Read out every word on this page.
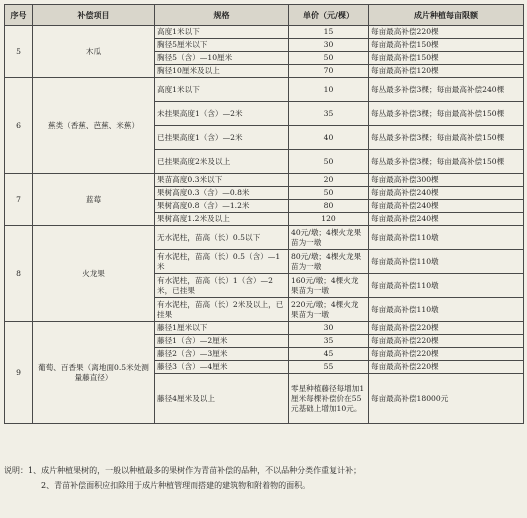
序号	补偿项目	规格	单价（元/棵）	成片种植每亩限额
5	木瓜	高度1米以下	15	每亩最高补偿220棵
		胸径5厘米以下	30	每亩最高补偿150棵
		胸径5（含）—10厘米	50	每亩最高补偿150棵
		胸径10厘米及以上	70	每亩最高补偿120棵
6	蕉类（香蕉、芭蕉、米蕉）	高度1米以下	10	每丛最多补偿3棵；每亩最高补偿240棵
		未挂果高度1（含）—2米	35	每丛最多补偿3棵；每亩最高补偿150棵
		已挂果高度1（含）—2米	40	每丛最多补偿3棵；每亩最高补偿150棵
		已挂果高度2米及以上	50	每丛最多补偿3棵；每亩最高补偿150棵
7	蓝莓	果苗高度0.3米以下	20	每亩最高补偿300棵
		果树高度0.3（含）—0.8米	50	每亩最高补偿240棵
		果树高度0.8（含）—1.2米	80	每亩最高补偿240棵
		果树高度1.2米及以上	120	每亩最高补偿240棵
8	火龙果	无水泥柱，苗高（长）0.5以下	40元/墩；4棵火龙果苗为一墩	每亩最高补偿110墩
		有水泥柱，苗高（长）0.5（含）—1米	80元/墩；4棵火龙果苗为一墩	每亩最高补偿110墩
		有水泥柱，苗高（长）1（含）—2米，已挂果	160元/墩；4棵火龙果苗为一墩	每亩最高补偿110墩
		有水泥柱，苗高（长）2米及以上，已挂果	220元/墩；4棵火龙果苗为一墩	每亩最高补偿110墩
9	葡萄、百香果（离地面0.5米处测量藤直径）	藤径1厘米以下	30	每亩最高补偿220棵
		藤径1（含）—2厘米	35	每亩最高补偿220棵
		藤径2（含）—3厘米	45	每亩最高补偿220棵
		藤径3（含）—4厘米	55	每亩最高补偿220棵
		藤径4厘米及以上	零星种植藤径每增加1厘米每棵补偿价在55元基础上增加10元。	每亩最高补偿18000元
说明：1、成片种植果树的，一般以种植最多的果树作为青苗补偿的品种，不以品种分类作重复计补；
2、青苗补偿面积应扣除用于成片种植管理而搭建的建筑物和附着物的面积。
